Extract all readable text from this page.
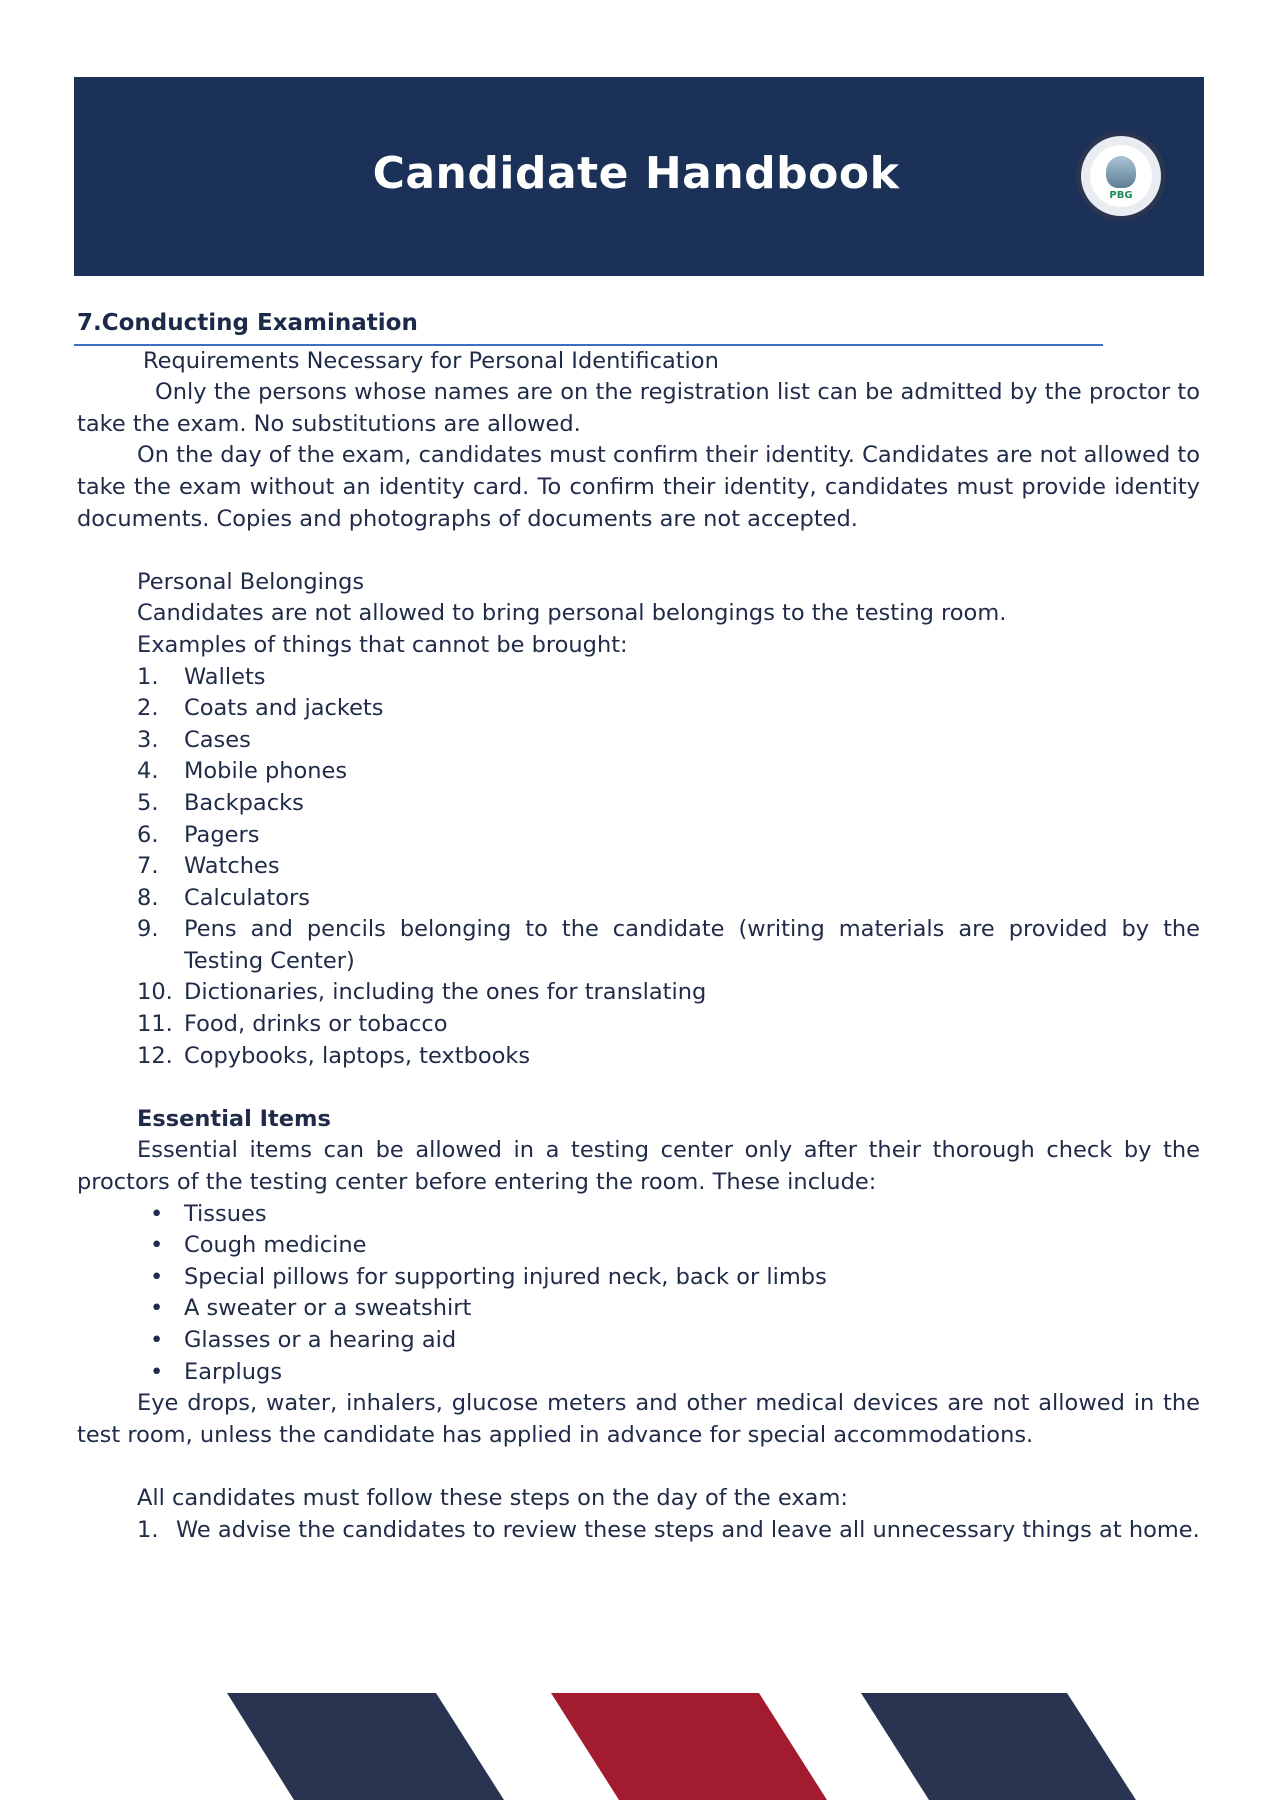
Candidate Handbook	PBG
7.Conducting Examination

Requirements Necessary for Personal Identification

Only the persons whose names are on the registration list can be admitted by the proctor to take the exam. No substitutions are allowed.

On the day of the exam, candidates must confirm their identity. Candidates are not allowed to take the exam without an identity card. To confirm their identity, candidates must provide identity documents. Copies and photographs of documents are not accepted.

Personal Belongings

Candidates are not allowed to bring personal belongings to the testing room.

Examples of things that cannot be brought:

1.	Wallets
2.	Coats and jackets
3.	Cases
4.	Mobile phones
5.	Backpacks
6.	Pagers
7.	Watches
8.	Calculators
9.	Pens and pencils belonging to the candidate (writing materials are provided by the Testing Center)
10. Dictionaries, including the ones for translating
11. Food, drinks or tobacco
12. Copybooks, laptops, textbooks

Essential Items

Essential items can be allowed in a testing center only after their thorough check by the proctors of the testing center before entering the room. These include:

• Tissues
• Cough medicine
• Special pillows for supporting injured neck, back or limbs
• A sweater or a sweatshirt
• Glasses or a hearing aid
• Earplugs

Eye drops, water, inhalers, glucose meters and other medical devices are not allowed in the test room, unless the candidate has applied in advance for special accommodations.

All candidates must follow these steps on the day of the exam:

1. We advise the candidates to review these steps and leave all unnecessary things at home.
